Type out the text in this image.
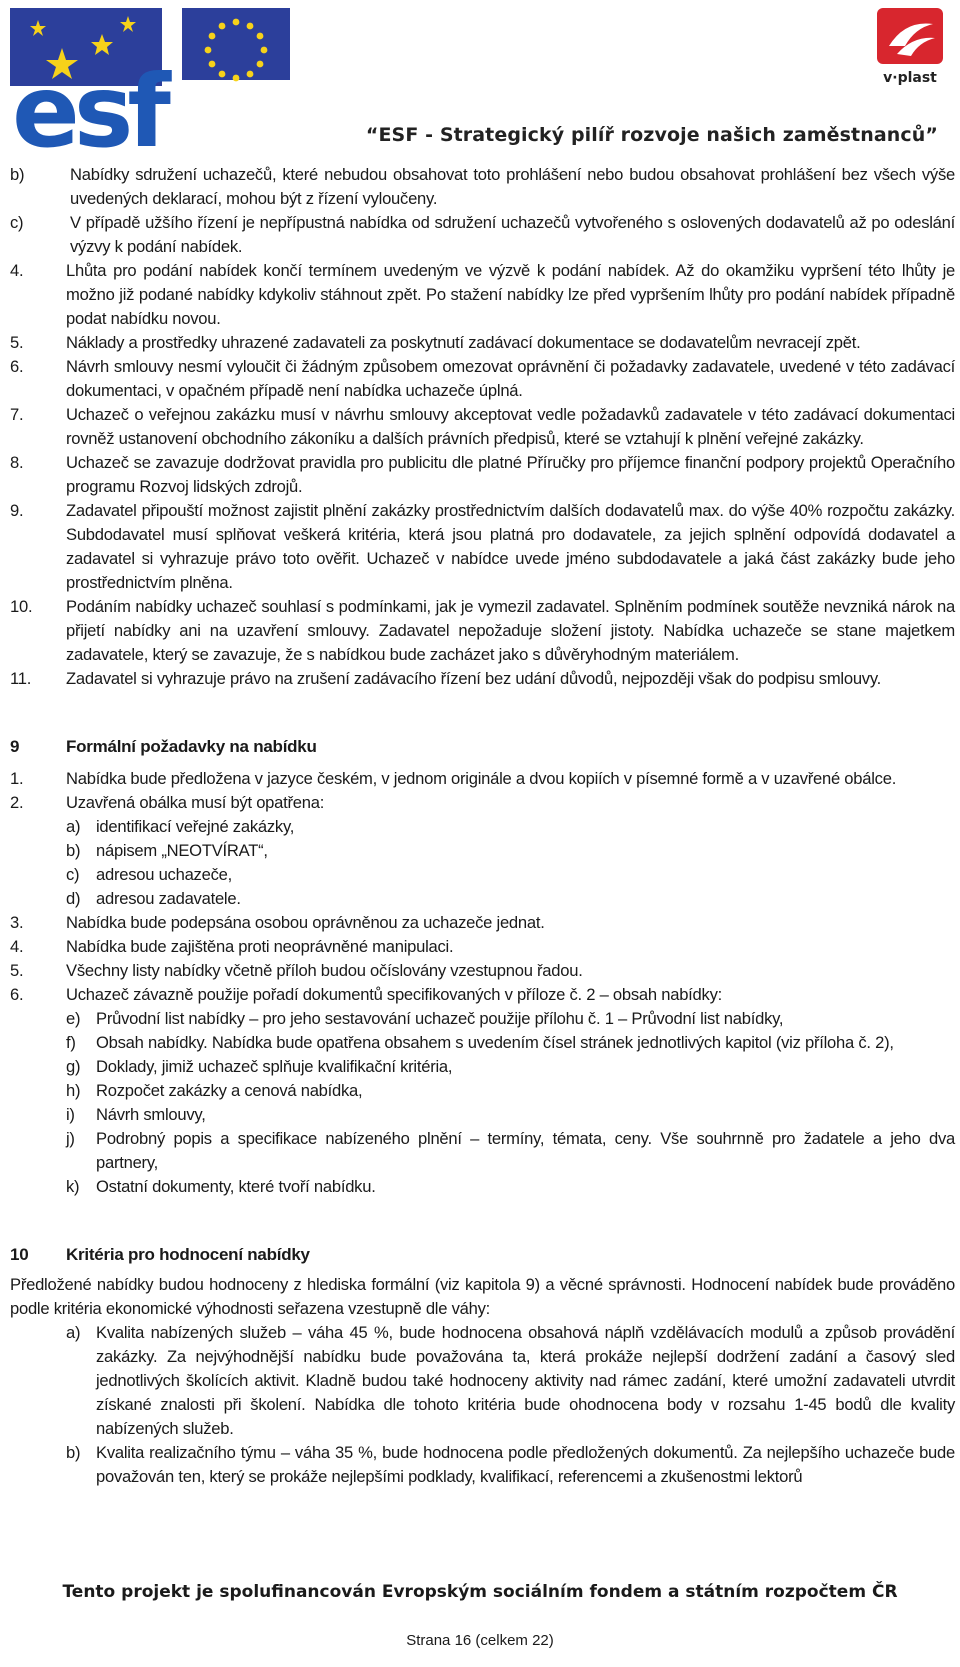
esf	v·plast
“ESF - Strategický pilíř rozvoje našich zaměstnanců”
b)	Nabídky sdružení uchazečů, které nebudou obsahovat toto prohlášení nebo budou obsahovat prohlášení bez všech výše uvedených deklarací, mohou být z řízení vyloučeny.
c)	V případě užšího řízení je nepřípustná nabídka od sdružení uchazečů vytvořeného s oslovených dodavatelů až po odeslání výzvy k podání nabídek.
4.	Lhůta pro podání nabídek končí termínem uvedeným ve výzvě k podání nabídek. Až do okamžiku vypršení této lhůty je možno již podané nabídky kdykoliv stáhnout zpět. Po stažení nabídky lze před vypršením lhůty pro podání nabídek případně podat nabídku novou.
5.	Náklady a prostředky uhrazené zadavateli za poskytnutí zadávací dokumentace se dodavatelům nevracejí zpět.
6.	Návrh smlouvy nesmí vyloučit či žádným způsobem omezovat oprávnění či požadavky zadavatele, uvedené v této zadávací dokumentaci, v opačném případě není nabídka uchazeče úplná.
7.	Uchazeč o veřejnou zakázku musí v návrhu smlouvy akceptovat vedle požadavků zadavatele v této zadávací dokumentaci rovněž ustanovení obchodního zákoníku a dalších právních předpisů, které se vztahují k plnění veřejné zakázky.
8.	Uchazeč se zavazuje dodržovat pravidla pro publicitu dle platné Příručky pro příjemce finanční podpory projektů Operačního programu Rozvoj lidských zdrojů.
9.	Zadavatel připouští možnost zajistit plnění zakázky prostřednictvím dalších dodavatelů max. do výše 40% rozpočtu zakázky. Subdodavatel musí splňovat veškerá kritéria, která jsou platná pro dodavatele, za jejich splnění odpovídá dodavatel a zadavatel si vyhrazuje právo toto ověřit. Uchazeč v nabídce uvede jméno subdodavatele a jaká část zakázky bude jeho prostřednictvím plněna.
10. Podáním nabídky uchazeč souhlasí s podmínkami, jak je vymezil zadavatel. Splněním podmínek soutěže nevzniká nárok na přijetí nabídky ani na uzavření smlouvy. Zadavatel nepožaduje složení jistoty. Nabídka uchazeče se stane majetkem zadavatele, který se zavazuje, že s nabídkou bude zacházet jako s důvěryhodným materiálem.
11. Zadavatel si vyhrazuje právo na zrušení zadávacího řízení bez udání důvodů, nejpozději však do podpisu smlouvy.
9	Formální požadavky na nabídku
1.	Nabídka bude předložena v jazyce českém, v jednom originále a dvou kopiích v písemné formě a v uzavřené obálce.
2.	Uzavřená obálka musí být opatřena:
a) identifikací veřejné zakázky,
b) nápisem „NEOTVÍRAT“,
c) adresou uchazeče,
d) adresou zadavatele.
3.	Nabídka bude podepsána osobou oprávněnou za uchazeče jednat.
4.	Nabídka bude zajištěna proti neoprávněné manipulaci.
5.	Všechny listy nabídky včetně příloh budou očíslovány vzestupnou řadou.
6.	Uchazeč závazně použije pořadí dokumentů specifikovaných v příloze č. 2 – obsah nabídky:
e) Průvodní list nabídky – pro jeho sestavování uchazeč použije přílohu č. 1 – Průvodní list nabídky,
f) Obsah nabídky. Nabídka bude opatřena obsahem s uvedením čísel stránek jednotlivých kapitol (viz příloha č. 2),
g) Doklady, jimiž uchazeč splňuje kvalifikační kritéria,
h) Rozpočet zakázky a cenová nabídka,
i) Návrh smlouvy,
j) Podrobný popis a specifikace nabízeného plnění – termíny, témata, ceny. Vše souhrnně pro žadatele a jeho dva partnery,
k) Ostatní dokumenty, které tvoří nabídku.
10 Kritéria pro hodnocení nabídky
Předložené nabídky budou hodnoceny z hlediska formální (viz kapitola 9) a věcné správnosti. Hodnocení nabídek bude prováděno podle kritéria ekonomické výhodnosti seřazena vzestupně dle váhy:
a) Kvalita nabízených služeb – váha 45 %, bude hodnocena obsahová náplň vzdělávacích modulů a způsob provádění zakázky. Za nejvýhodnější nabídku bude považována ta, která prokáže nejlepší dodržení zadání a časový sled jednotlivých školících aktivit. Kladně budou také hodnoceny aktivity nad rámec zadání, které umožní zadavateli utvrdit získané znalosti při školení. Nabídka dle tohoto kritéria bude ohodnocena body v rozsahu 1-45 bodů dle kvality nabízených služeb.
b) Kvalita realizačního týmu – váha 35 %, bude hodnocena podle předložených dokumentů. Za nejlepšího uchazeče bude považován ten, který se prokáže nejlepšími podklady, kvalifikací, referencemi a zkušenostmi lektorů
Tento projekt je spolufinancován Evropským sociálním fondem a státním rozpočtem ČR
Strana 16 (celkem 22)
